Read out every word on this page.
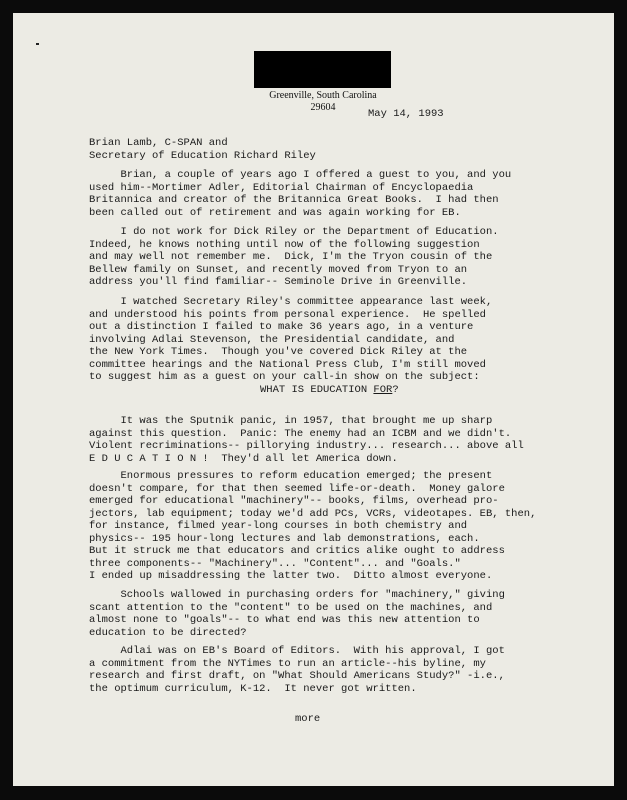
Greenville, South Carolina
29604
May 14, 1993
Brian Lamb, C-SPAN and
Secretary of Education Richard Riley
Brian, a couple of years ago I offered a guest to you, and you
used him--Mortimer Adler, Editorial Chairman of Encyclopaedia
Britannica and creator of the Britannica Great Books.  I had then
been called out of retirement and was again working for EB.
I do not work for Dick Riley or the Department of Education.
Indeed, he knows nothing until now of the following suggestion
and may well not remember me.  Dick, I'm the Tryon cousin of the
Bellew family on Sunset, and recently moved from Tryon to an
address you'll find familiar-- Seminole Drive in Greenville.
I watched Secretary Riley's committee appearance last week,
and understood his points from personal experience.  He spelled
out a distinction I failed to make 36 years ago, in a venture
involving Adlai Stevenson, the Presidential candidate, and
the New York Times.  Though you've covered Dick Riley at the
committee hearings and the National Press Club, I'm still moved
to suggest him as a guest on your call-in show on the subject:
WHAT IS EDUCATION FOR?
It was the Sputnik panic, in 1957, that brought me up sharp
against this question.  Panic: The enemy had an ICBM and we didn't.
Violent recriminations-- pillorying industry... research... above all
E D U C A T I O N !  They'd all let America down.
Enormous pressures to reform education emerged; the present
doesn't compare, for that then seemed life-or-death.  Money galore
emerged for educational "machinery"-- books, films, overhead pro-
jectors, lab equipment; today we'd add PCs, VCRs, videotapes. EB, then,
for instance, filmed year-long courses in both chemistry and
physics-- 195 hour-long lectures and lab demonstrations, each.
But it struck me that educators and critics alike ought to address
three components-- "Machinery"... "Content"... and "Goals."
I ended up misaddressing the latter two.  Ditto almost everyone.
Schools wallowed in purchasing orders for "machinery," giving
scant attention to the "content" to be used on the machines, and
almost none to "goals"-- to what end was this new attention to
education to be directed?
Adlai was on EB's Board of Editors.  With his approval, I got
a commitment from the NYTimes to run an article--his byline, my
research and first draft, on "What Should Americans Study?" -i.e.,
the optimum curriculum, K-12.  It never got written.
more
